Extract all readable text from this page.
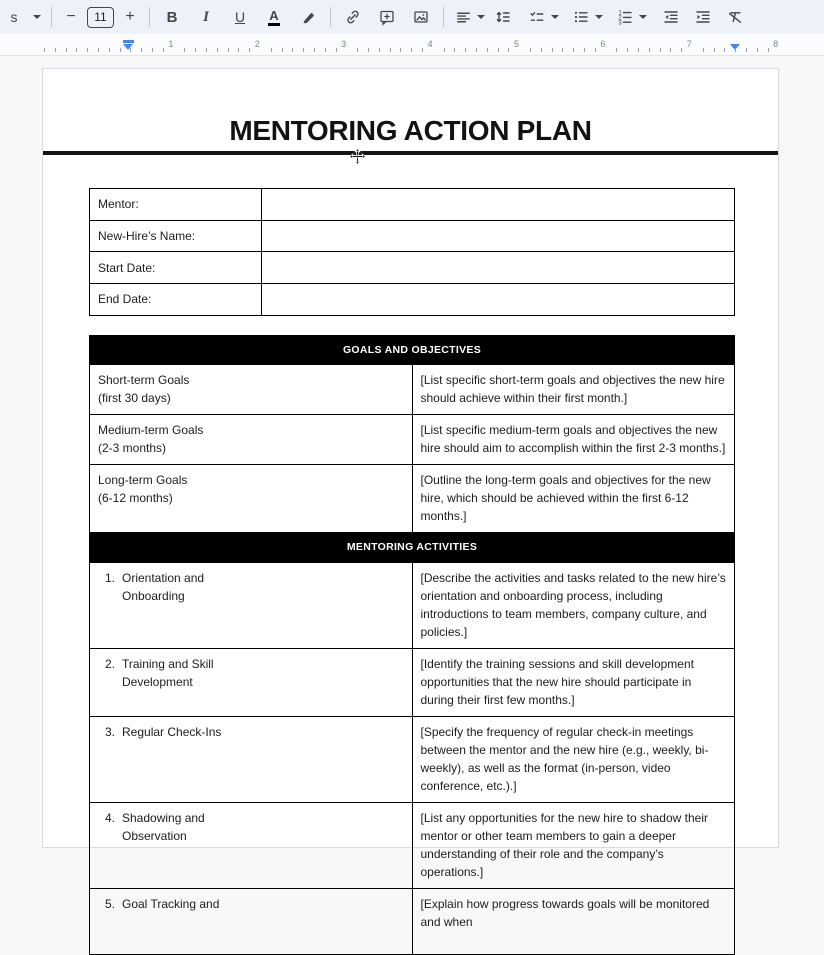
s	−	11	+ B I U A	1
2
3
1	2	3	4	5	6	7	8
MENTORING ACTION PLAN
Mentor:	
New-Hire’s Name:	
Start Date:	
End Date:	
GOALS AND OBJECTIVES	

Short-term Goals
(first 30 days)	[List specific short-term goals and objectives the new hire should achieve within their first month.]

Medium-term Goals
(2-3 months)	[List specific medium-term goals and objectives the new hire should aim to accomplish within the first 2-3 months.]

Long-term Goals
(6-12 months)	[Outline the long-term goals and objectives for the new hire, which should be achieved within the first 6-12 months.]
MENTORING ACTIVITIES	

1. Orientation and Onboarding	[Describe the activities and tasks related to the new hire’s orientation and onboarding process, including introductions to team members, company culture, and policies.]

2. Training and Skill Development	[Identify the training sessions and skill development opportunities that the new hire should participate in during their first few months.]

3. Regular Check-Ins	[Specify the frequency of regular check-in meetings between the mentor and the new hire (e.g., weekly, bi-weekly), as well as the format (in-person, video conference, etc.).]

4. Shadowing and Observation	[List any opportunities for the new hire to shadow their mentor or other team members to gain a deeper understanding of their role and the company’s operations.]

5. Goal Tracking and	[Explain how progress towards goals will be monitored and when
